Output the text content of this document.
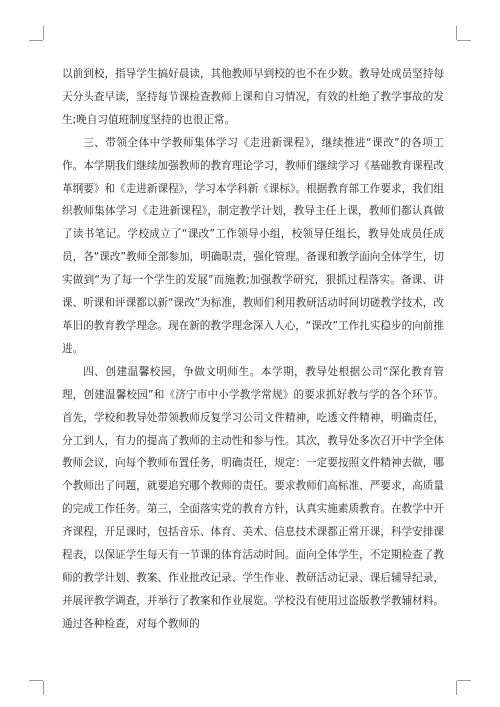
以前到校，指导学生搞好晨读，其他教师早到校的也不在少数。教导处成员坚持每天分头查早读，坚持每节课检查教师上课和自习情况，有效的杜绝了教学事故的发生;晚自习值班制度坚持的也很正常。

三、带领全体中学教师集体学习《走进新课程》，继续推进“课改”的各项工作。本学期我们继续加强教师的教育理论学习，教师们继续学习《基础教育课程改革纲要》和《走进新课程》，学习本学科新《课标》。根据教育部工作要求，我们组织教师集体学习《走进新课程》，制定教学计划，教导主任上课，教师们都认真做了读书笔记。学校成立了“课改”工作领导小组，校领导任组长，教导处成员任成员，各“课改”教师全部参加，明确职责，强化管理。备课和教学面向全体学生，切实做到“为了每一个学生的发展”而施教;加强教学研究，狠抓过程落实。备课、讲课、听课和评课都以新“课改”为标准，教师们利用教研活动时间切磋教学技术，改革旧的教育教学理念。现在新的教学理念深入人心，“课改”工作扎实稳步的向前推进。

四、创建温馨校园，争做文明师生。本学期，教导处根据公司“深化教育管理，创建温馨校园”和《济宁市中小学教学常规》的要求抓好教与学的各个环节。首先，学校和教导处带领教师反复学习公司文件精神，吃透文件精神，明确责任，分工到人，有力的提高了教师的主动性和参与性。其次，教导处多次召开中学全体教师会议，向每个教师布置任务，明确责任，规定：一定要按照文件精神去做，哪个教师出了问题，就要追究哪个教师的责任。要求教师们高标准、严要求，高质量的完成工作任务。第三，全面落实党的教育方针，认真实施素质教育。在教学中开齐课程，开足课时，包括音乐、体育、美术、信息技术课都正常开课，科学安排课程表，以保证学生每天有一节课的体育活动时间。面向全体学生，不定期检查了教师的教学计划、教案、作业批改记录、学生作业、教研活动记录、课后辅导纪录，并展评教学调查，并举行了教案和作业展览。学校没有使用过盗版教学教辅材料。通过各种检查，对每个教师的
